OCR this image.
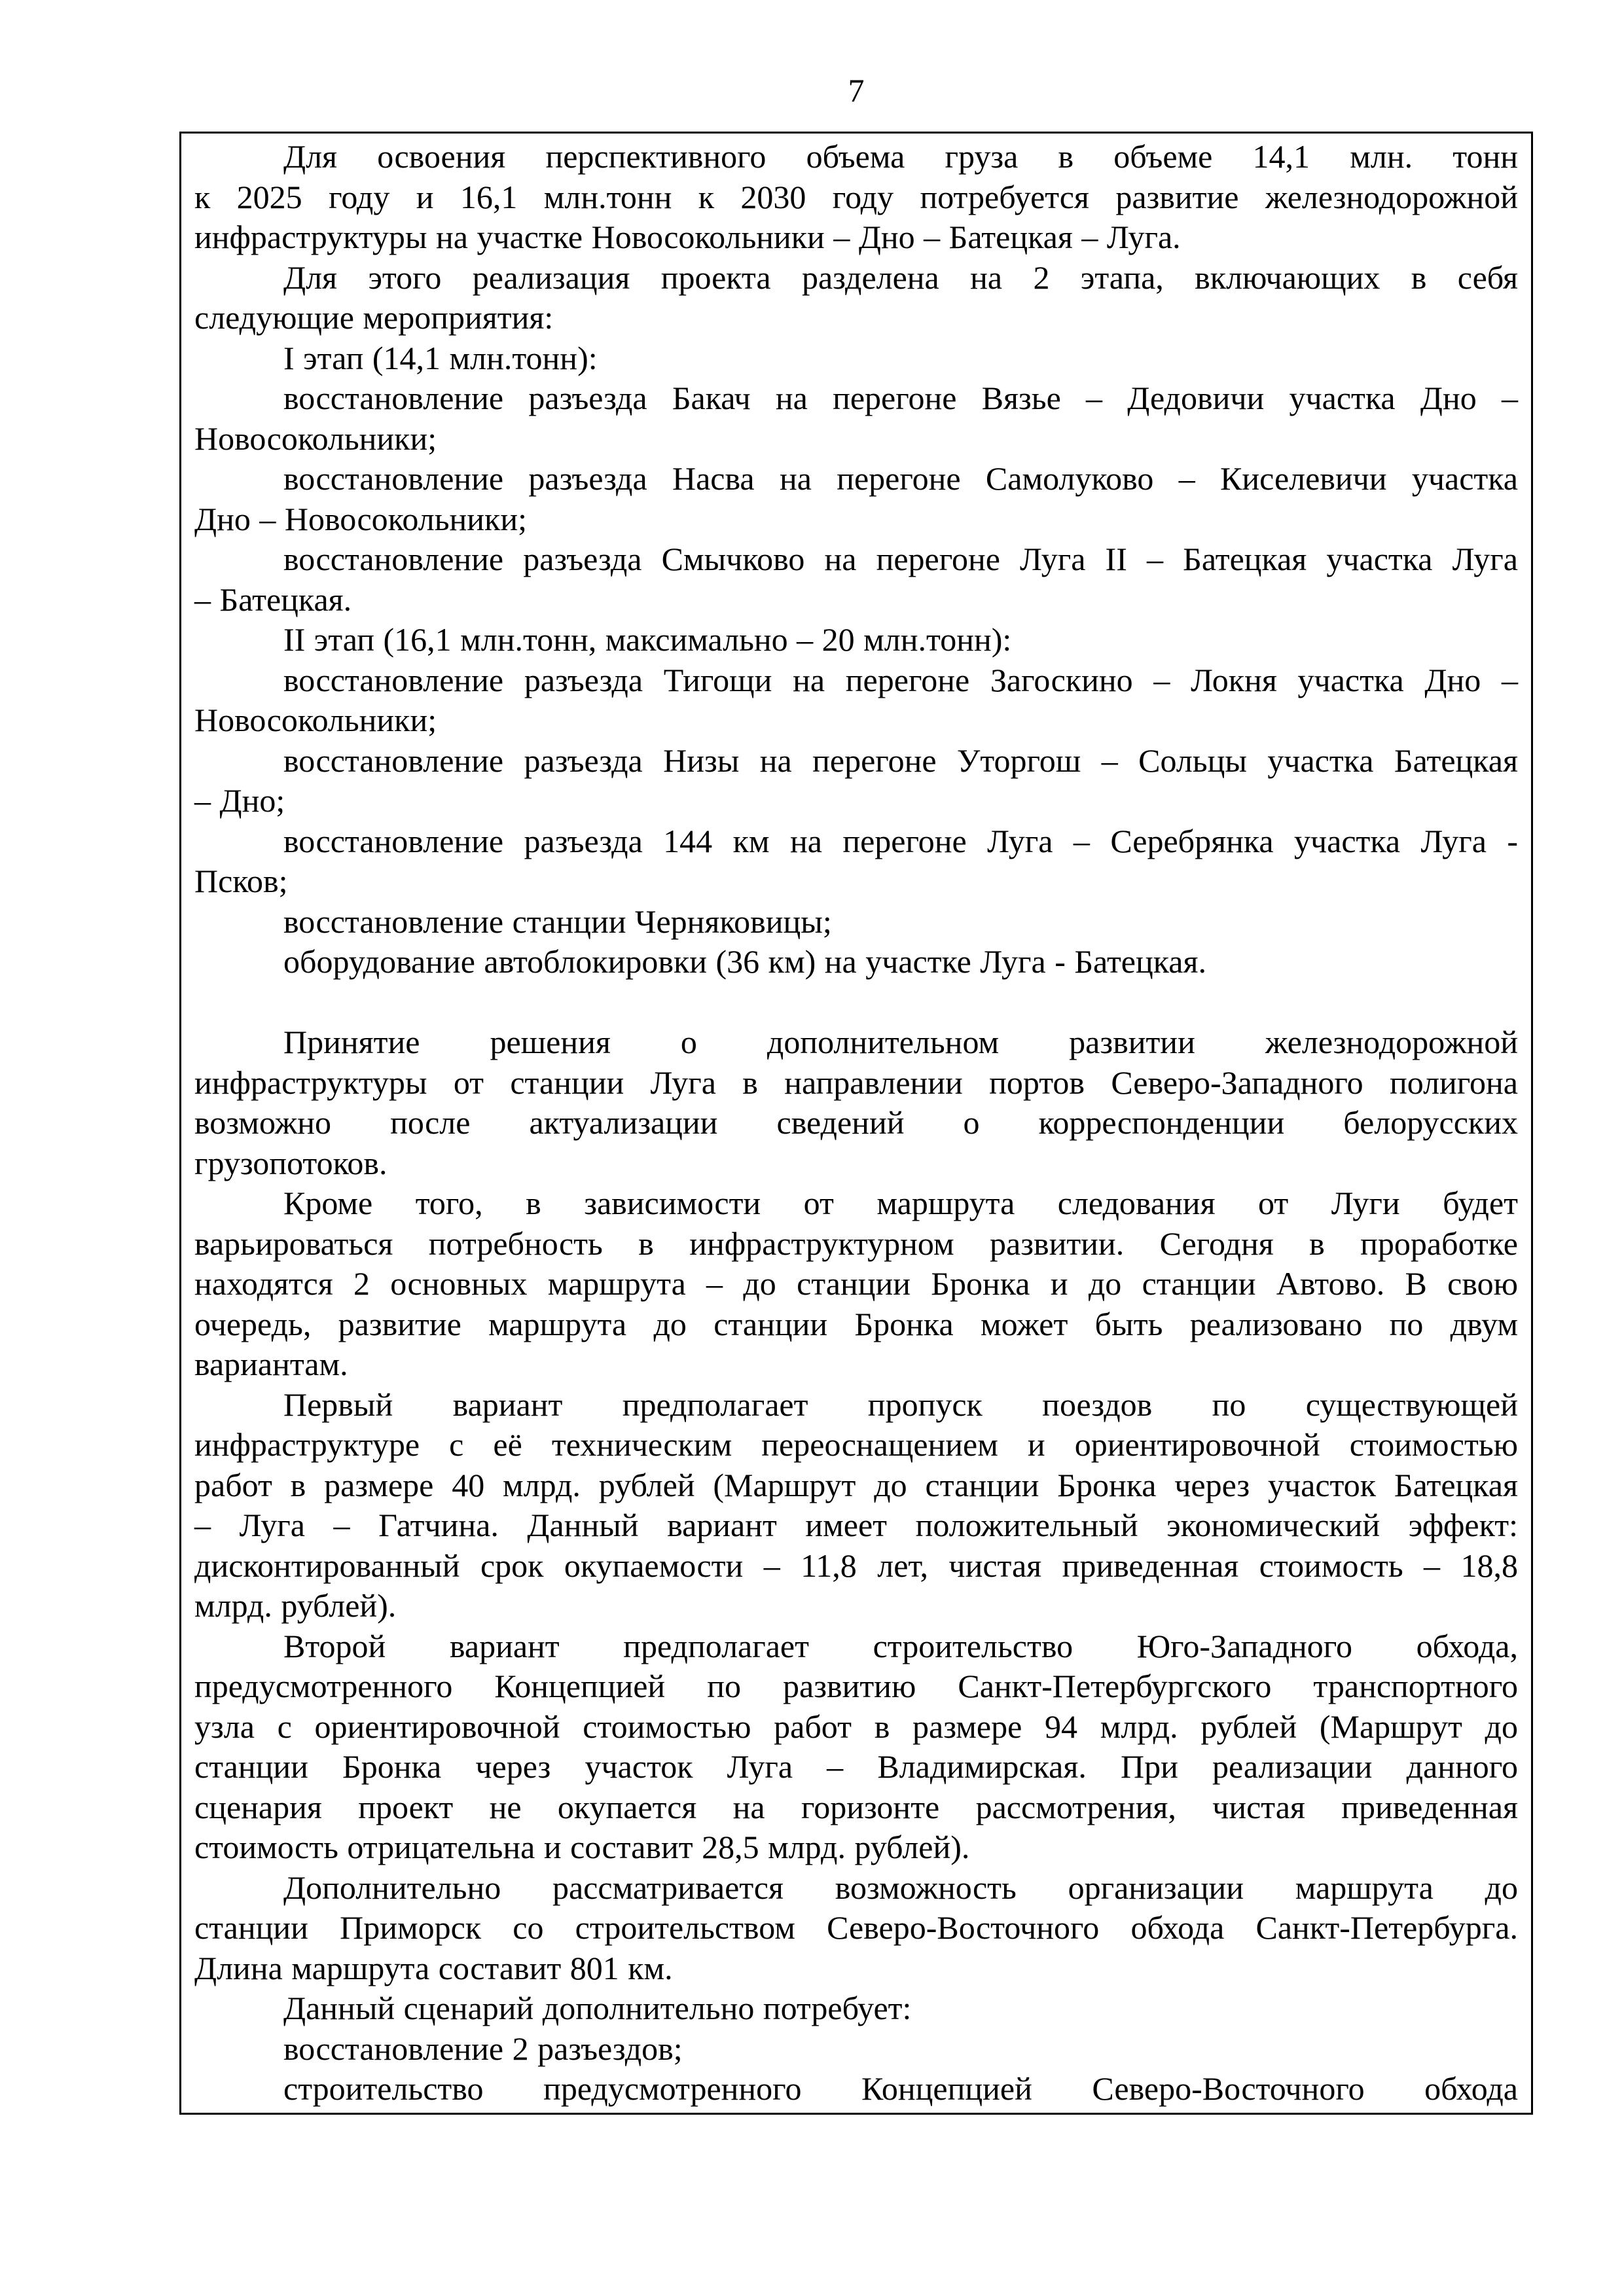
7

Для освоения перспективного объема груза в объеме 14,1 млн. тонн
к 2025 году и 16,1 млн.тонн к 2030 году потребуется развитие железнодорожной
инфраструктуры на участке Новосокольники – Дно – Батецкая – Луга.

Для этого реализация проекта разделена на 2 этапа, включающих в себя
следующие мероприятия:

I этап (14,1 млн.тонн):

восстановление разъезда Бакач на перегоне Вязье – Дедовичи участка Дно –
Новосокольники;

восстановление разъезда Насва на перегоне Самолуково – Киселевичи участка
Дно – Новосокольники;

восстановление разъезда Смычково на перегоне Луга II – Батецкая участка Луга
– Батецкая.

II этап (16,1 млн.тонн, максимально – 20 млн.тонн):

восстановление разъезда Тигощи на перегоне Загоскино – Локня участка Дно –
Новосокольники;

восстановление разъезда Низы на перегоне Уторгош – Сольцы участка Батецкая
– Дно;

восстановление разъезда 144 км на перегоне Луга – Серебрянка участка Луга -
Псков;

восстановление станции Черняковицы;

оборудование автоблокировки (36 км) на участке Луга - Батецкая.

Принятие решения о дополнительном развитии железнодорожной
инфраструктуры от станции Луга в направлении портов Северо-Западного полигона
возможно после актуализации сведений о корреспонденции белорусских
грузопотоков.

Кроме того, в зависимости от маршрута следования от Луги будет
варьироваться потребность в инфраструктурном развитии. Сегодня в проработке
находятся 2 основных маршрута – до станции Бронка и до станции Автово. В свою
очередь, развитие маршрута до станции Бронка может быть реализовано по двум
вариантам.

Первый вариант предполагает пропуск поездов по существующей
инфраструктуре с её техническим переоснащением и ориентировочной стоимостью
работ в размере 40 млрд. рублей (Маршрут до станции Бронка через участок Батецкая
– Луга – Гатчина. Данный вариант имеет положительный экономический эффект:
дисконтированный срок окупаемости – 11,8 лет, чистая приведенная стоимость – 18,8
млрд. рублей).

Второй вариант предполагает строительство Юго-Западного обхода,
предусмотренного Концепцией по развитию Санкт-Петербургского транспортного
узла с ориентировочной стоимостью работ в размере 94 млрд. рублей (Маршрут до
станции Бронка через участок Луга – Владимирская. При реализации данного
сценария проект не окупается на горизонте рассмотрения, чистая приведенная
стоимость отрицательна и составит 28,5 млрд. рублей).

Дополнительно рассматривается возможность организации маршрута до
станции Приморск со строительством Северо-Восточного обхода Санкт-Петербурга.
Длина маршрута составит 801 км.

Данный сценарий дополнительно потребует:

восстановление 2 разъездов;

строительство предусмотренного Концепцией Северо-Восточного обхода
